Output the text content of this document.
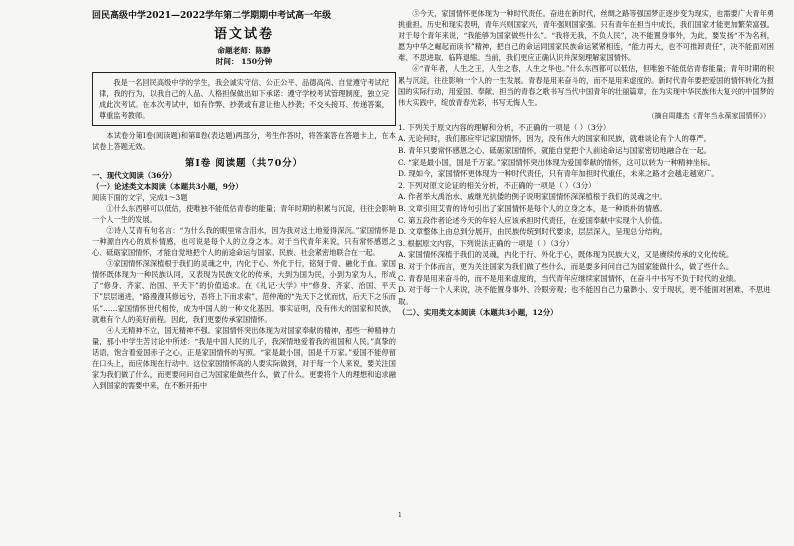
回民高级中学2021—2022学年第二学期期中考试高一年级

语文试卷

命题老师：陈静

时间： 150分钟

我是一名回民高级中学的学生，我会诚实守信、公正公平、品德高尚、自觉遵守考试纪律，我的行为，以我自己的人品、人格担保做出如下承诺：遵守学校考试管理制度，独立完成此次考试。在本次考试中，如有作弊、抄袭或有意让他人抄袭；不交头接耳、传递答案，尊重监考教师。

本试卷分第Ⅰ卷(阅读题)和第Ⅱ卷(表达题)两部分，考生作答时，将答案答在答题卡上，在本试卷上答题无效。

第Ⅰ卷 阅读题（共70分）

一、现代文阅读（36分）

（一）论述类文本阅读（本题共3小题，9分）

阅读下面的文字，完成1～3题

①什么东西够可以低估，使唯独不能低估青春的能量；青年时期的积累与沉淀，往往会影响一个人一生的发展。

②诗人艾青有句名言：“为什么我的眼里常含泪水，因为我对这土地爱得深沉。”家国情怀是一种源自内心的质朴情感，也可说是每个人的立身之本。对于当代青年来说，只有常怀感恩之心、砥砺家国情怀，才能自觉地把个人的前途命运与国家、民族、社会紧密地联合在一起。

③家国情怀深深植根于我们的灵魂之中，内化于心、外化于行，铭刻于骨、融化于血。家国情怀既体现为一种民族认同，又表现为民族文化的传承，大到为国为民，小到为家为人，形成了“修身、齐家、治国、平天下”的价值追求。在《礼记·大学》中“修身、齐家、治国、平天下”层层递进，“路漫漫其修远兮，吾将上下而求索”，范仲淹的“先天下之忧而忧，后天下之乐而乐”……家国情怀世代相传，成为中国人的一种文化基因。事实证明，没有伟大的国家和民族，就难有个人的美好前程。因此，我们更要传承家国情怀。

④人无精神不立，国无精神不强。家国情怀突出体现为对国家奉献的精神，那些一种精神力量，那小中学生苦讨论中所述：“我是中国人民的儿子，我深情地爱着我的祖国和人民。”真挚的话语，饱含着爱国赤子之心，正是家国情怀的写照。“家是最小国，国是千万家。”爱国不能停留在口头上，而应体现在行动中。这位家国情怀高的人要实际做到，对于每一个人来说，要关注国家为我们做了什么，而更要问问自己为国家能做些什么，做了什么。更要将个人的理想和追求融入到国家的需要中来，在不断开拓中

⑤今天，家国情怀更体现为一种时代责任。奋进在新时代，丝绸之路等强国梦正逐步变为现实，也需要广大青年勇挑重担。历史和现实表明，青年兴则国家兴，青年强则国家强。只有青年在担当中成长，我们国家才能更加繁荣富强。对于每个青年来说，“我能够为国家做些什么”。“我将无我，不负人民”，决不能置身事外，为此，要发扬“不为名利，愿为中华之崛起而读书”精神，把自己的命运同国家民族命运紧紧相连，“能力再大，也不可推卸责任”，决不能面对困难、不思进取、临阵退缩。当前，我们更应正确认识并深刻理解家国情怀。

⑥“青年者，人生之王，人生之春，人生之华也。”什么东西都可以低估，但唯独不能低估青春能量；青年时期的积累与沉淀，往往影响一个人的一生发展。青春是用来奋斗的，而不是用来虚度的。新时代青年要把爱国的情怀转化为报国的实际行动，用爱国、奉献、担当的青春之歌书写当代中国青年的壮丽篇章，在为实现中华民族伟大复兴的中国梦的伟大实践中，绽放青春光彩，书写无悔人生。

（摘自周雄杰《青年当永葆家国情怀》）

1. 下列关于原文内容的理解和分析，不正确的一项是（ ）（3分）

A. 无论何时，我们都应牢记家国情怀，因为，没有伟大的国家和民族，就难谈论有个人的尊严。

B. 青年只要常怀感恩之心、砥砺家国情怀，就能自觉把个人前途命运与国家密切地融合在一起。

C. “家是最小国，国是千万家。”家国情怀突出体现为爱国奉献的情怀，这可以转为一种精神坐标。

D. 现如今，家国情怀更体现为一种时代责任，只有青年加担时代重任，未来之路才会越走越宽广。

2. 下列对原文论证的相关分析，不正确的一项是（ ）（3分）

A. 作者举大禹治水、戚继光抗倭的例子说明家国情怀深深植根于我们的灵魂之中。

B. 文章引用艾青的诗句引出了家国情怀是每个人的立身之本，是一种质朴的情感。

C. 第五段作者论述今天的年轻人应该承担时代责任，在爱国奉献中实现个人价值。

D. 文章整体上由总到分展开，由民族传统到时代要求，层层深入，呈现总分结构。

3. 根据原文内容，下列说法正确的一项是（ ）（3分）

A. 家国情怀深植于我们的灵魂，内化于行、外化于心，既体现为民族大义，又是赓续传承的文化传统。

B. 对于个体而言，更为关注国家为我们做了些什么，而是要多问问自己为国家能做什么，做了些什么。

C. 青春是用来奋斗的，而不是用来虚度的，当代青年应继续家国情怀，在奋斗中书写不负于时代的业绩。

D. 对于每一个人来说，决不能置身事外、冷眼旁观；也不能因自己力量渺小、安于现状，更不能面对困难、不思进取。

（二）、实用类文本阅读（本题共3小题，12分）

1
